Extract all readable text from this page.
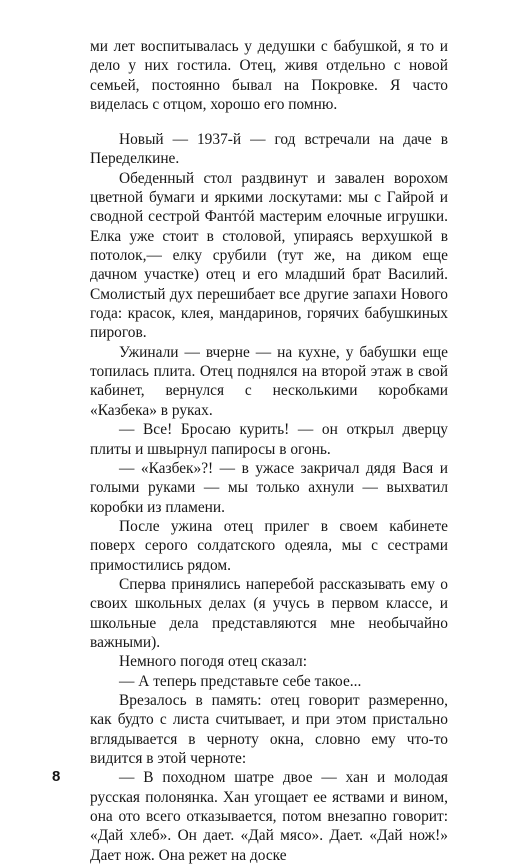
ми лет воспитывалась у дедушки с бабушкой, я то и дело у них гостила. Отец, живя отдельно с новой семьей, постоянно бывал на Покровке. Я часто виделась с отцом, хорошо его помню.

Новый — 1937-й — год встречали на даче в Переделкине.

Обеденный стол раздвинут и завален ворохом цветной бумаги и яркими лоскутами: мы с Гайрой и сводной сестрой Фантóй мастерим елочные игрушки. Елка уже стоит в столовой, упираясь верхушкой в потолок,— елку срубили (тут же, на диком еще дачном участке) отец и его младший брат Василий. Смолистый дух перешибает все другие запахи Нового года: красок, клея, мандаринов, горячих бабушкиных пирогов.

Ужинали — вчерне — на кухне, у бабушки еще топилась плита. Отец поднялся на второй этаж в свой кабинет, вернулся с несколькими коробками «Казбека» в руках.

— Все! Бросаю курить! — он открыл дверцу плиты и швырнул папиросы в огонь.

— «Казбек»?! — в ужасе закричал дядя Вася и голыми руками — мы только ахнули — выхватил коробки из пламени.

После ужина отец прилег в своем кабинете поверх серого солдатского одеяла, мы с сестрами примостились рядом.

Сперва принялись наперебой рассказывать ему о своих школьных делах (я учусь в первом классе, и школьные дела представляются мне необычайно важными).

Немного погодя отец сказал:

— А теперь представьте себе такое...

Врезалось в память: отец говорит размеренно, как будто с листа считывает, и при этом пристально вглядывается в черноту окна, словно ему что-то видится в этой черноте:

— В походном шатре двое — хан и молодая русская полонянка. Хан угощает ее яствами и вином, она ото всего отказывается, потом внезапно говорит: «Дай хлеб». Он дает. «Дай мясо». Дает. «Дай нож!» Дает нож. Она режет на доске

8
